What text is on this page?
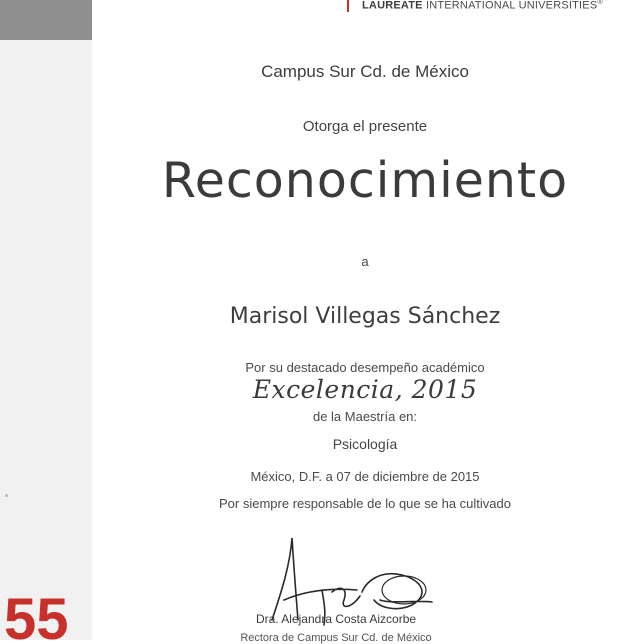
LAUREATE INTERNATIONAL UNIVERSITIES®
Campus Sur Cd. de México
Otorga el presente
Reconocimiento
a
Marisol Villegas Sánchez
Por su destacado desempeño académico
Excelencia, 2015
de la Maestría en:
Psicología
México, D.F. a 07 de diciembre de 2015
Por siempre responsable de lo que se ha cultivado
Dra. Alejandra Costa Aizcorbe
Rectora de Campus Sur Cd. de México
55
